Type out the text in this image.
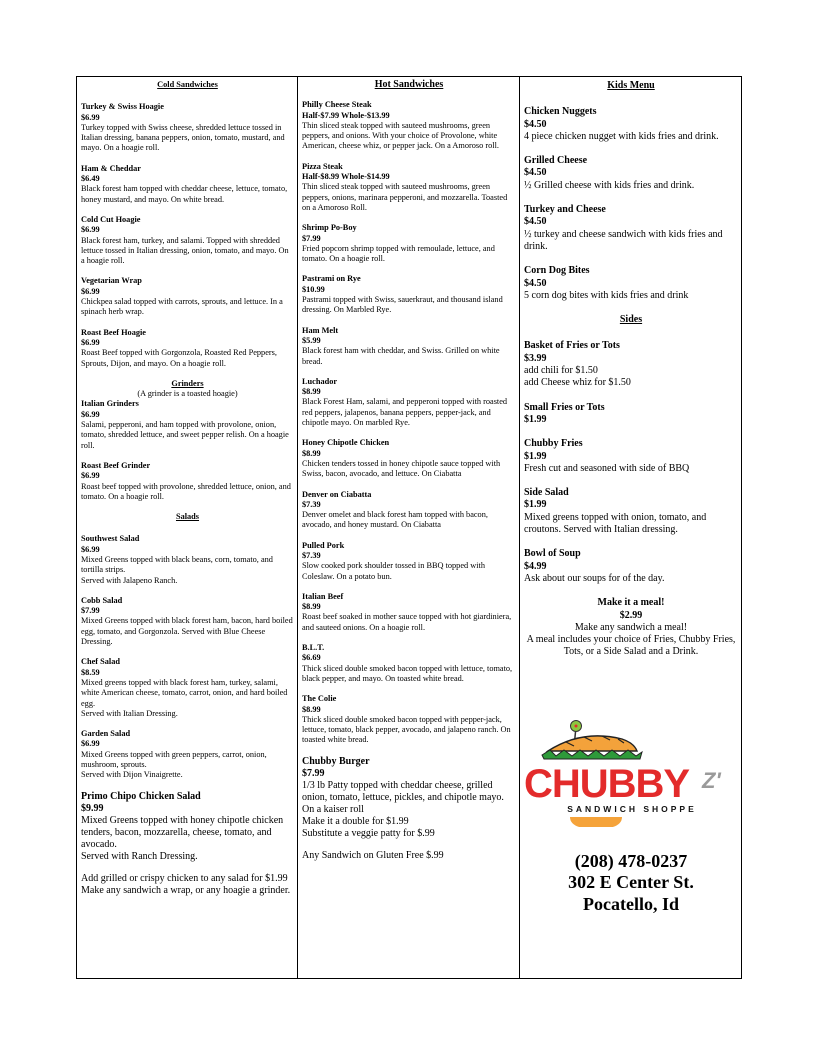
Cold Sandwiches
Turkey & Swiss Hoagie
$6.99
Turkey topped with Swiss cheese, shredded lettuce tossed in Italian dressing, banana peppers, onion, tomato, mustard, and mayo. On a hoagie roll.
Ham & Cheddar
$6.49
Black forest ham topped with cheddar cheese, lettuce, tomato, honey mustard, and mayo. On white bread.
Cold Cut Hoagie
$6.99
Black forest ham, turkey, and salami. Topped with shredded lettuce tossed in Italian dressing, onion, tomato, and mayo. On a hoagie roll.
Vegetarian Wrap
$6.99
Chickpea salad topped with carrots, sprouts, and lettuce. In a spinach herb wrap.
Roast Beef Hoagie
$6.99
Roast Beef topped with Gorgonzola, Roasted Red Peppers, Sprouts, Dijon, and mayo. On a hoagie roll.
Grinders
(A grinder is a toasted hoagie)
Italian Grinders
$6.99
Salami, pepperoni, and ham topped with provolone, onion, tomato, shredded lettuce, and sweet pepper relish. On a hoagie roll.
Roast Beef Grinder
$6.99
Roast beef topped with provolone, shredded lettuce, onion, and tomato. On a hoagie roll.
Salads
Southwest Salad
$6.99
Mixed Greens topped with black beans, corn, tomato, and tortilla strips.
Served with Jalapeno Ranch.
Cobb Salad
$7.99
Mixed Greens topped with black forest ham, bacon, hard boiled egg, tomato, and Gorgonzola. Served with Blue Cheese Dressing.
Chef Salad
$8.59
Mixed greens topped with black forest ham, turkey, salami, white American cheese, tomato, carrot, onion, and hard boiled egg.
Served with Italian Dressing.
Garden Salad
$6.99
Mixed Greens topped with green peppers, carrot, onion, mushroom, sprouts.
Served with Dijon Vinaigrette.
Primo Chipo Chicken Salad
$9.99
Mixed Greens topped with honey chipotle chicken tenders, bacon, mozzarella, cheese, tomato, and avocado.
Served with Ranch Dressing.
Add grilled or crispy chicken to any salad for $1.99
Make any sandwich a wrap, or any hoagie a grinder.
Hot Sandwiches
Philly Cheese Steak
Half-$7.99 Whole-$13.99
Thin sliced steak topped with sauteed mushrooms, green peppers, and onions. With your choice of Provolone, white American, cheese whiz, or pepper jack. On a Amoroso roll.
Pizza Steak
Half-$8.99 Whole-$14.99
Thin sliced steak topped with sauteed mushrooms, green peppers, onions, marinara pepperoni, and mozzarella. Toasted on a Amoroso Roll.
Shrimp Po-Boy
$7.99
Fried popcorn shrimp topped with remoulade, lettuce, and tomato. On a hoagie roll.
Pastrami on Rye
$10.99
Pastrami topped with Swiss, sauerkraut, and thousand island dressing. On Marbled Rye.
Ham Melt
$5.99
Black forest ham with cheddar, and Swiss. Grilled on white bread.
Luchador
$8.99
Black Forest Ham, salami, and pepperoni topped with roasted red peppers, jalapenos, banana peppers, pepper-jack, and chipotle mayo. On marbled Rye.
Honey Chipotle Chicken
$8.99
Chicken tenders tossed in honey chipotle sauce topped with Swiss, bacon, avocado, and lettuce. On Ciabatta
Denver on Ciabatta
$7.39
Denver omelet and black forest ham topped with bacon, avocado, and honey mustard. On Ciabatta
Pulled Pork
$7.39
Slow cooked pork shoulder tossed in BBQ topped with Coleslaw. On a potato bun.
Italian Beef
$8.99
Roast beef soaked in mother sauce topped with hot giardiniera, and sauteed onions. On a hoagie roll.
B.L.T.
$6.69
Thick sliced double smoked bacon topped with lettuce, tomato, black pepper, and mayo. On toasted white bread.
The Colie
$8.99
Thick sliced double smoked bacon topped with pepper-jack, lettuce, tomato, black pepper, avocado, and jalapeno ranch. On toasted white bread.
Chubby Burger
$7.99
1/3 lb Patty topped with cheddar cheese, grilled onion, tomato, lettuce, pickles, and chipotle mayo. On a kaiser roll
Make it a double for $1.99
Substitute a veggie patty for $.99
Any Sandwich on Gluten Free $.99
Kids Menu
Chicken Nuggets
$4.50
4 piece chicken nugget with kids fries and drink.
Grilled Cheese
$4.50
½ Grilled cheese with kids fries and drink.
Turkey and Cheese
$4.50
½ turkey and cheese sandwich with kids fries and drink.
Corn Dog Bites
$4.50
5 corn dog bites with kids fries and drink
Sides
Basket of Fries or Tots
$3.99
add chili for $1.50
add Cheese whiz for $1.50
Small Fries or Tots
$1.99
Chubby Fries
$1.99
Fresh cut and seasoned with side of BBQ
Side Salad
$1.99
Mixed greens topped with onion, tomato, and croutons. Served with Italian dressing.
Bowl of Soup
$4.99
Ask about our soups for of the day.
Make it a meal!
$2.99
Make any sandwich a meal!
A meal includes your choice of Fries, Chubby Fries, Tots, or a Side Salad and a Drink.
CHUBBY Z'
SANDWICH SHOPPE
(208) 478-0237
302 E Center St.
Pocatello, Id
